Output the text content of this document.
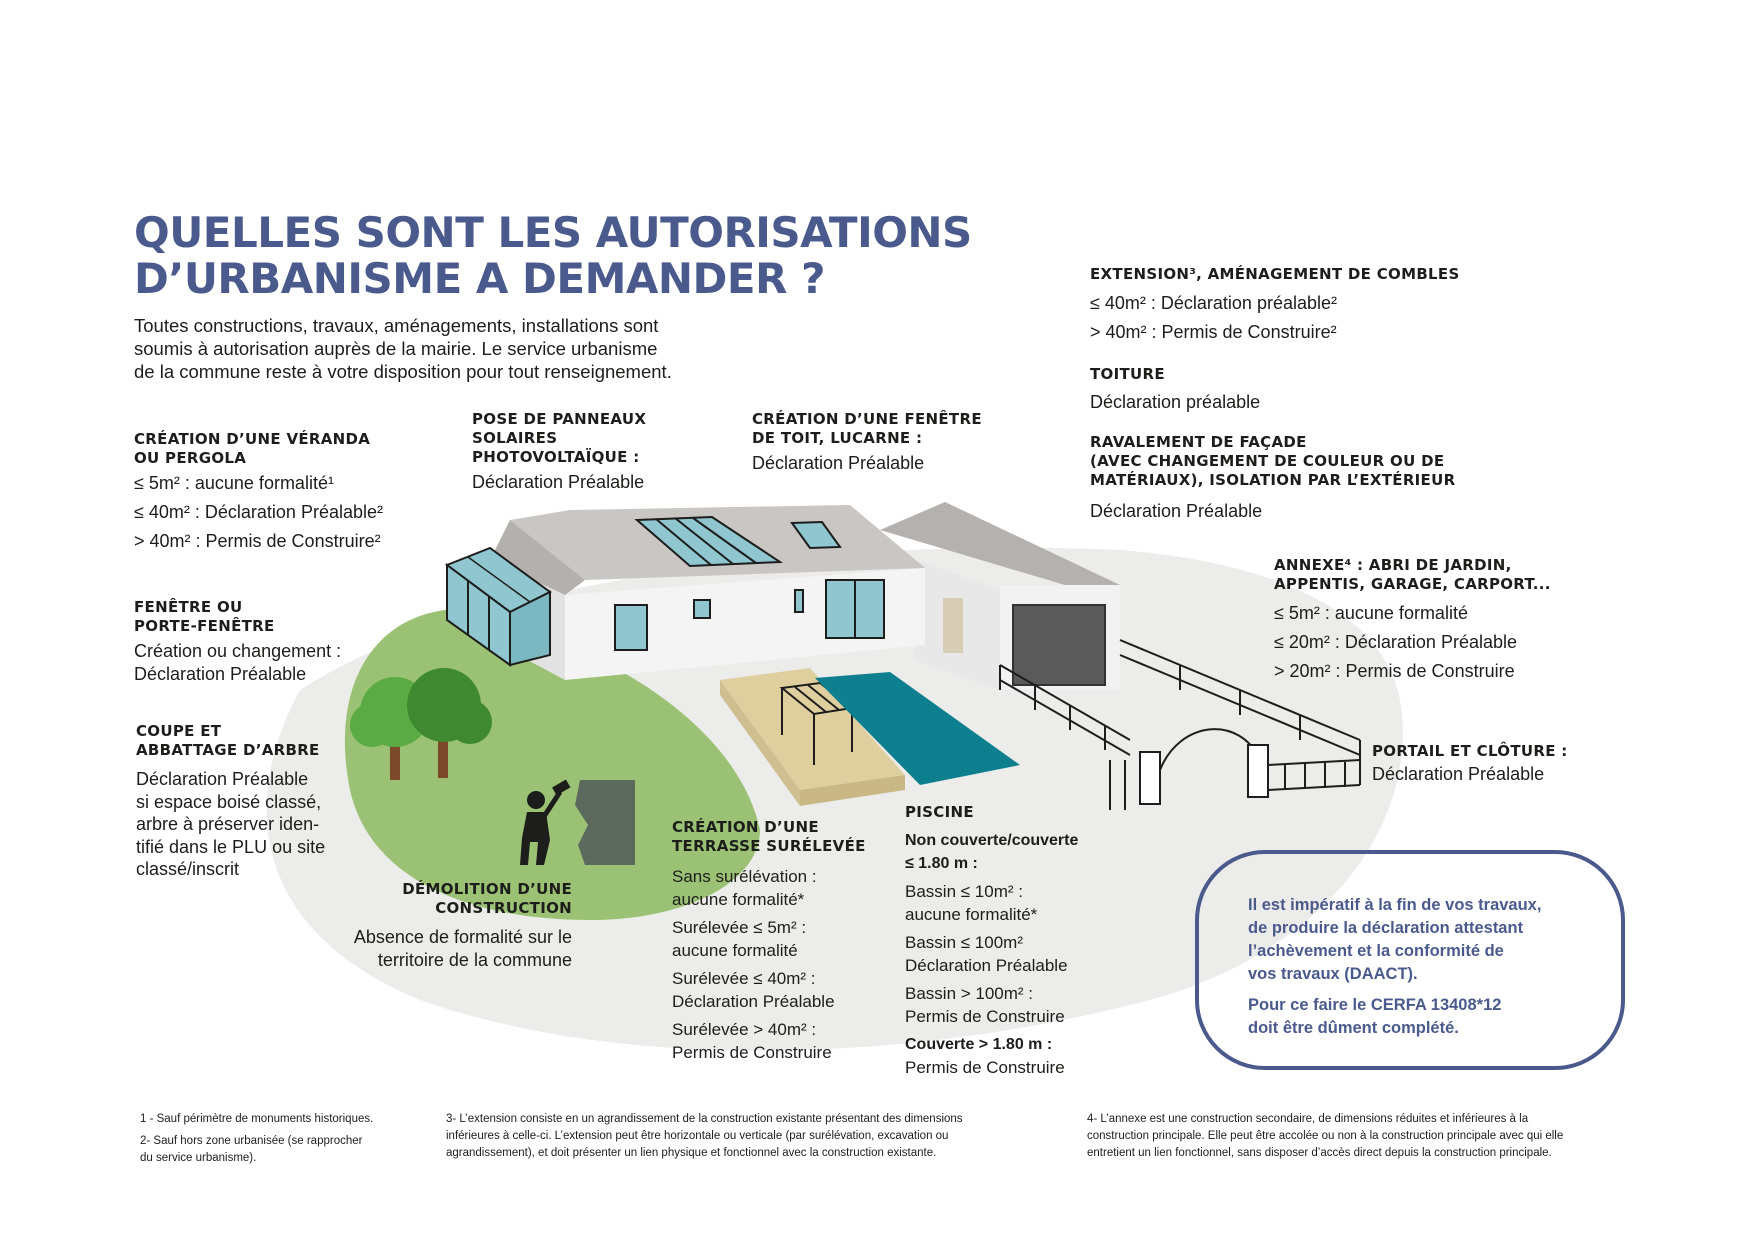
QUELLES SONT LES AUTORISATIONS
D’URBANISME A DEMANDER ?
Toutes constructions, travaux, aménagements, installations sont
soumis à autorisation auprès de la mairie. Le service urbanisme
de la commune reste à votre disposition pour tout renseignement.
CRÉATION D’UNE VÉRANDA
OU PERGOLA
≤ 5m² : aucune formalité¹
≤ 40m² : Déclaration Préalable²
> 40m² : Permis de Construire²
POSE DE PANNEAUX
SOLAIRES
PHOTOVOLTAÏQUE :
Déclaration Préalable
CRÉATION D’UNE FENÊTRE
DE TOIT, LUCARNE :
Déclaration Préalable
EXTENSION³, AMÉNAGEMENT DE COMBLES
≤ 40m² : Déclaration préalable²
> 40m² : Permis de Construire²
TOITURE
Déclaration préalable
RAVALEMENT DE FAÇADE
(AVEC CHANGEMENT DE COULEUR OU DE
MATÉRIAUX), ISOLATION PAR L’EXTÉRIEUR
Déclaration Préalable
ANNEXE⁴ : ABRI DE JARDIN,
APPENTIS, GARAGE, CARPORT...
≤ 5m² : aucune formalité
≤ 20m² : Déclaration Préalable
> 20m² : Permis de Construire
FENÊTRE OU
PORTE-FENÊTRE
Création ou changement :
Déclaration Préalable
COUPE ET
ABBATTAGE D’ARBRE
Déclaration Préalable
si espace boisé classé,
arbre à préserver iden-
tifié dans le PLU ou site
classé/inscrit
PORTAIL ET CLÔTURE :
Déclaration Préalable
DÉMOLITION D’UNE
CONSTRUCTION
Absence de formalité sur le
territoire de la commune
CRÉATION D’UNE
TERRASSE SURÉLEVÉE
Sans surélévation :
aucune formalité*
Surélevée ≤ 5m² :
aucune formalité
Surélevée ≤ 40m² :
Déclaration Préalable
Surélevée > 40m² :
Permis de Construire
PISCINE
Non couverte/couverte
≤ 1.80 m :
Bassin ≤ 10m² :
aucune formalité*
Bassin ≤ 100m²
Déclaration Préalable
Bassin > 100m² :
Permis de Construire
Couverte > 1.80 m :
Permis de Construire
Il est impératif à la fin de vos travaux,
de produire la déclaration attestant
l’achèvement et la conformité de
vos travaux (DAACT).
Pour ce faire le CERFA 13408*12
doit être dûment complété.
1 - Sauf périmètre de monuments historiques.
2- Sauf hors zone urbanisée (se rapprocher
du service urbanisme).
3- L’extension consiste en un agrandissement de la construction existante présentant des dimensions
inférieures à celle-ci. L’extension peut être horizontale ou verticale (par surélévation, excavation ou
agrandissement), et doit présenter un lien physique et fonctionnel avec la construction existante.
4- L’annexe est une construction secondaire, de dimensions réduites et inférieures à la
construction principale. Elle peut être accolée ou non à la construction principale avec qui elle
entretient un lien fonctionnel, sans disposer d’accès direct depuis la construction principale.
